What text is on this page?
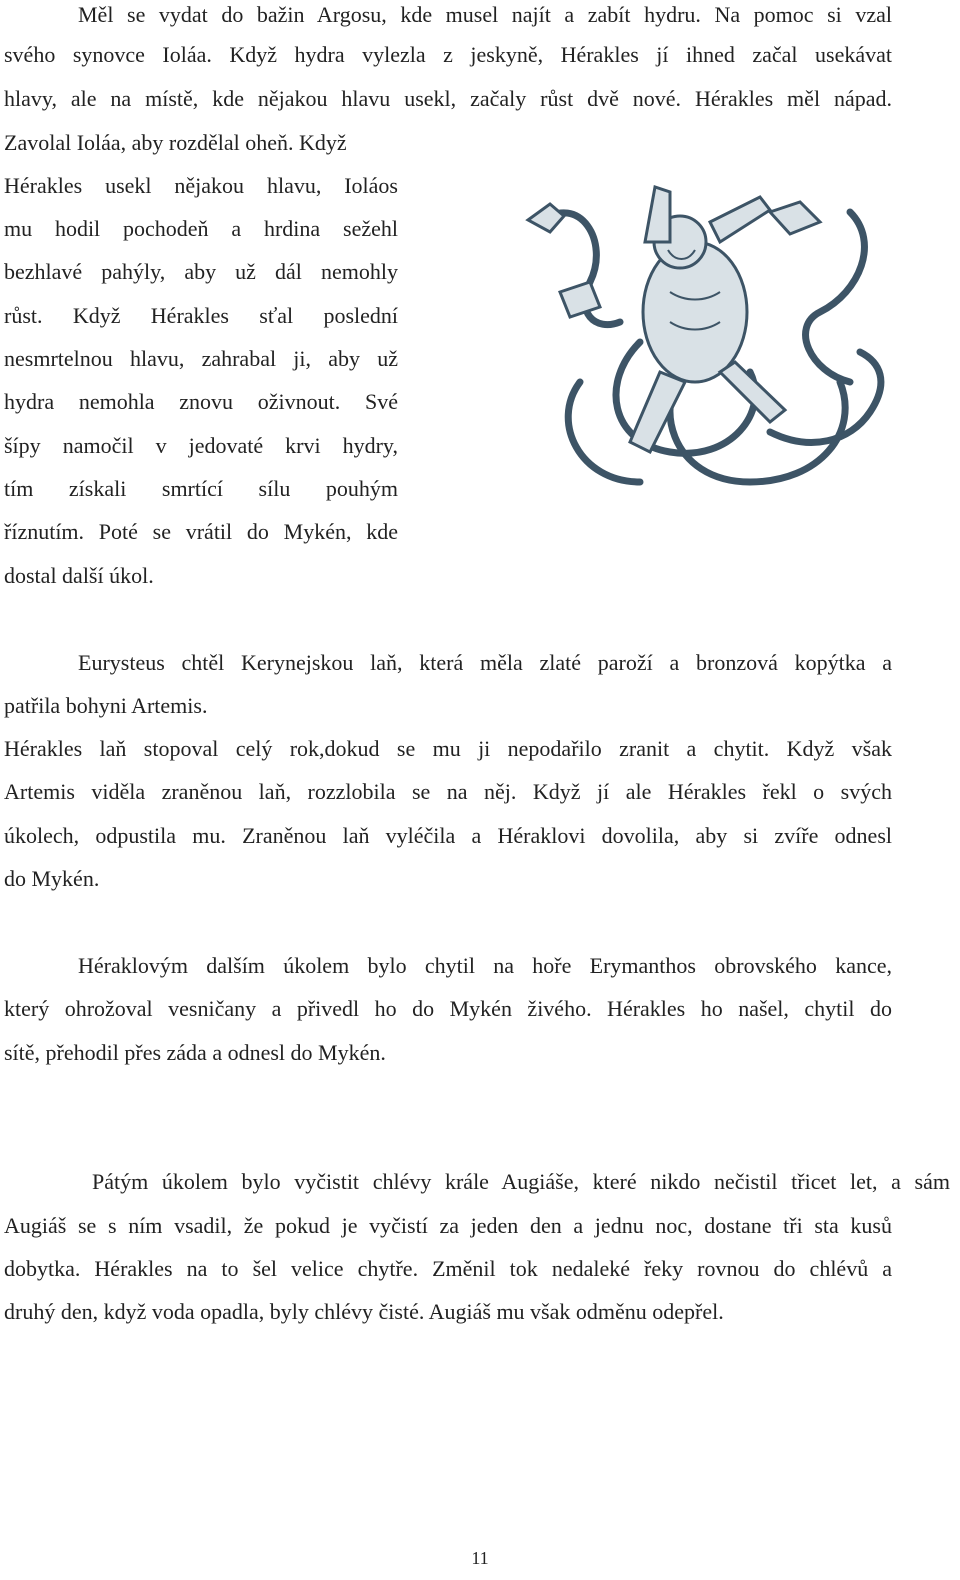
Měl se vydat do bažin Argosu, kde musel najít a zabít hydru. Na pomoc si vzal
svého synovce Ioláa. Když hydra vylezla z jeskyně, Hérakles jí ihned začal usekávat
hlavy, ale na místě, kde nějakou hlavu usekl, začaly růst dvě nové. Hérakles měl nápad.
Zavolal Ioláa, aby rozdělal oheň. Když
Hérakles usekl nějakou hlavu, Ioláos
mu hodil pochodeň a hrdina sežehl
bezhlavé pahýly, aby už dál nemohly
růst. Když Hérakles sťal poslední
nesmrtelnou hlavu, zahrabal ji, aby už
hydra nemohla znovu oživnout. Své
šípy namočil v jedovaté krvi hydry,
tím získali smrtící sílu pouhým
říznutím. Poté se vrátil do Mykén, kde
dostal další úkol.
Eurysteus chtěl Kerynejskou laň, která měla zlaté paroží a bronzová kopýtka a
patřila bohyni Artemis.
Hérakles laň stopoval celý rok,dokud se mu ji nepodařilo zranit a chytit. Když však
Artemis viděla zraněnou laň, rozzlobila se na něj. Když jí ale Hérakles řekl o svých
úkolech, odpustila mu. Zraněnou laň vyléčila a Héraklovi dovolila, aby si zvíře odnesl
do Mykén.
Héraklovým dalším úkolem bylo chytil na hoře Erymanthos obrovského kance,
který ohrožoval vesničany a přivedl ho do Mykén živého. Hérakles ho našel, chytil do
sítě, přehodil přes záda a odnesl do Mykén.
Pátým úkolem bylo vyčistit chlévy krále Augiáše, které nikdo nečistil třicet let, a sám
Augiáš se s ním vsadil, že pokud je vyčistí za jeden den a jednu noc, dostane tři sta kusů
dobytka. Hérakles na to šel velice chytře. Změnil tok nedaleké řeky rovnou do chlévů a
druhý den, když voda opadla, byly chlévy čisté. Augiáš mu však odměnu odepřel.
11
